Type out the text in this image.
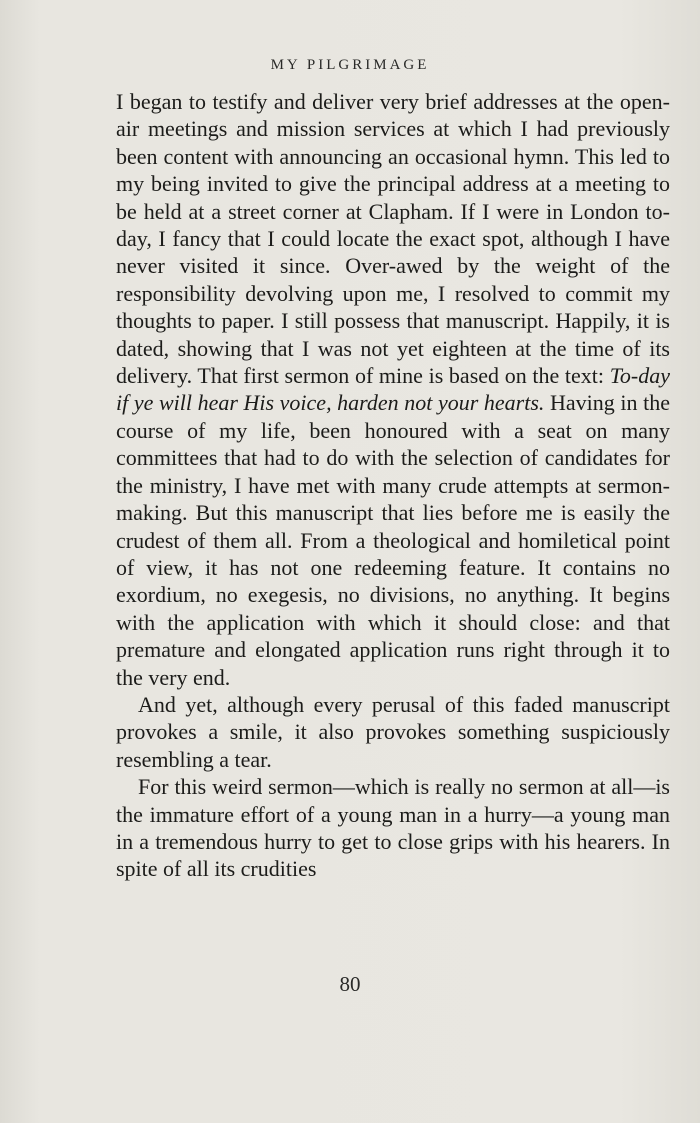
MY PILGRIMAGE

I began to testify and deliver very brief addresses at the open-air meetings and mission services at which I had previously been content with announcing an occasional hymn. This led to my being invited to give the principal address at a meeting to be held at a street corner at Clapham. If I were in London to-day, I fancy that I could locate the exact spot, although I have never visited it since. Over-awed by the weight of the responsibility devolving upon me, I resolved to commit my thoughts to paper. I still possess that manuscript. Happily, it is dated, showing that I was not yet eighteen at the time of its delivery. That first sermon of mine is based on the text: To-day if ye will hear His voice, harden not your hearts. Having in the course of my life, been honoured with a seat on many committees that had to do with the selection of candidates for the ministry, I have met with many crude attempts at sermon-making. But this manuscript that lies before me is easily the crudest of them all. From a theological and homiletical point of view, it has not one redeeming feature. It contains no exordium, no exegesis, no divisions, no anything. It begins with the application with which it should close: and that premature and elongated application runs right through it to the very end.

And yet, although every perusal of this faded manuscript provokes a smile, it also provokes something suspiciously resembling a tear.

For this weird sermon—which is really no sermon at all—is the immature effort of a young man in a hurry—a young man in a tremendous hurry to get to close grips with his hearers. In spite of all its crudities

80
